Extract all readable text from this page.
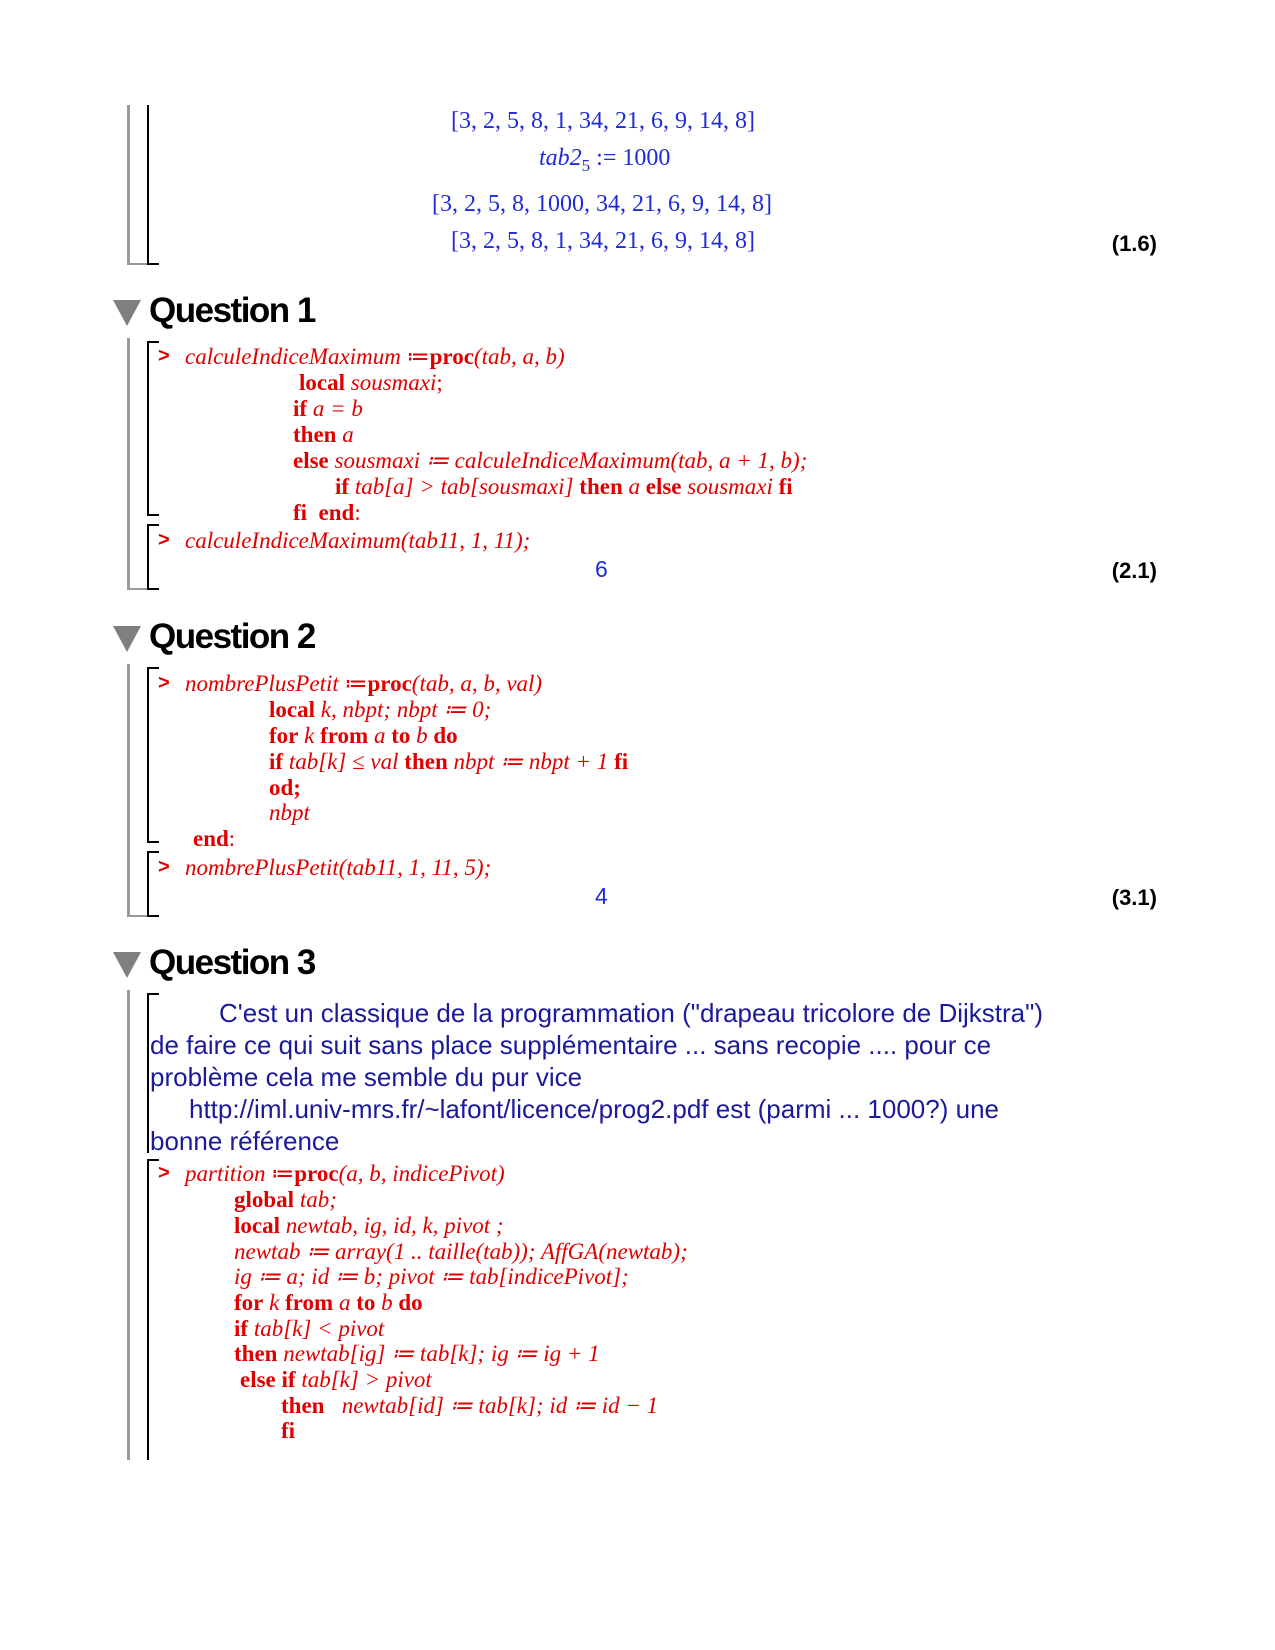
[3, 2, 5, 8, 1, 34, 21, 6, 9, 14, 8]
$tab2_5$ := 1000
[3, 2, 5, 8, 1000, 34, 21, 6, 9, 14, 8]
[3, 2, 5, 8, 1, 34, 21, 6, 9, 14, 8]	(1.6)
Question 1
> calculeIndiceMaximum ≔proc(tab, a, b)
local sousmaxi;
if a = b
then a
else sousmaxi ≔ calculeIndiceMaximum(tab, a + 1, b);
if tab[a] > tab[sousmaxi] then a else sousmaxi fi
fi  end:
> calculeIndiceMaximum(tab11, 1, 11);
6	(2.1)
Question 2
> nombrePlusPetit ≔proc(tab, a, b, val)
local k, nbpt; nbpt ≔ 0;
for k from a to b do
if tab[k] ≤ val then nbpt ≔ nbpt + 1 fi
od;
nbpt
end:
> nombrePlusPetit(tab11, 1, 11, 5);
4	(3.1)
Question 3
C'est un classique de la programmation ("drapeau tricolore de Dijkstra")
de faire ce qui suit sans place supplémentaire ... sans recopie .... pour ce
problème cela me semble du pur vice
http://iml.univ-mrs.fr/~lafont/licence/prog2.pdf est (parmi ... 1000?) une
bonne référence
> partition ≔proc(a, b, indicePivot)
global tab;
local newtab, ig, id, k, pivot ;
newtab ≔ array(1 .. taille(tab)); AffGA(newtab);
ig ≔ a; id ≔ b; pivot ≔ tab[indicePivot];
for k from a to b do
if tab[k] < pivot
then newtab[ig] ≔ tab[k]; ig ≔ ig + 1
else if tab[k] > pivot
then newtab[id] ≔ tab[k]; id ≔ id − 1
fi
